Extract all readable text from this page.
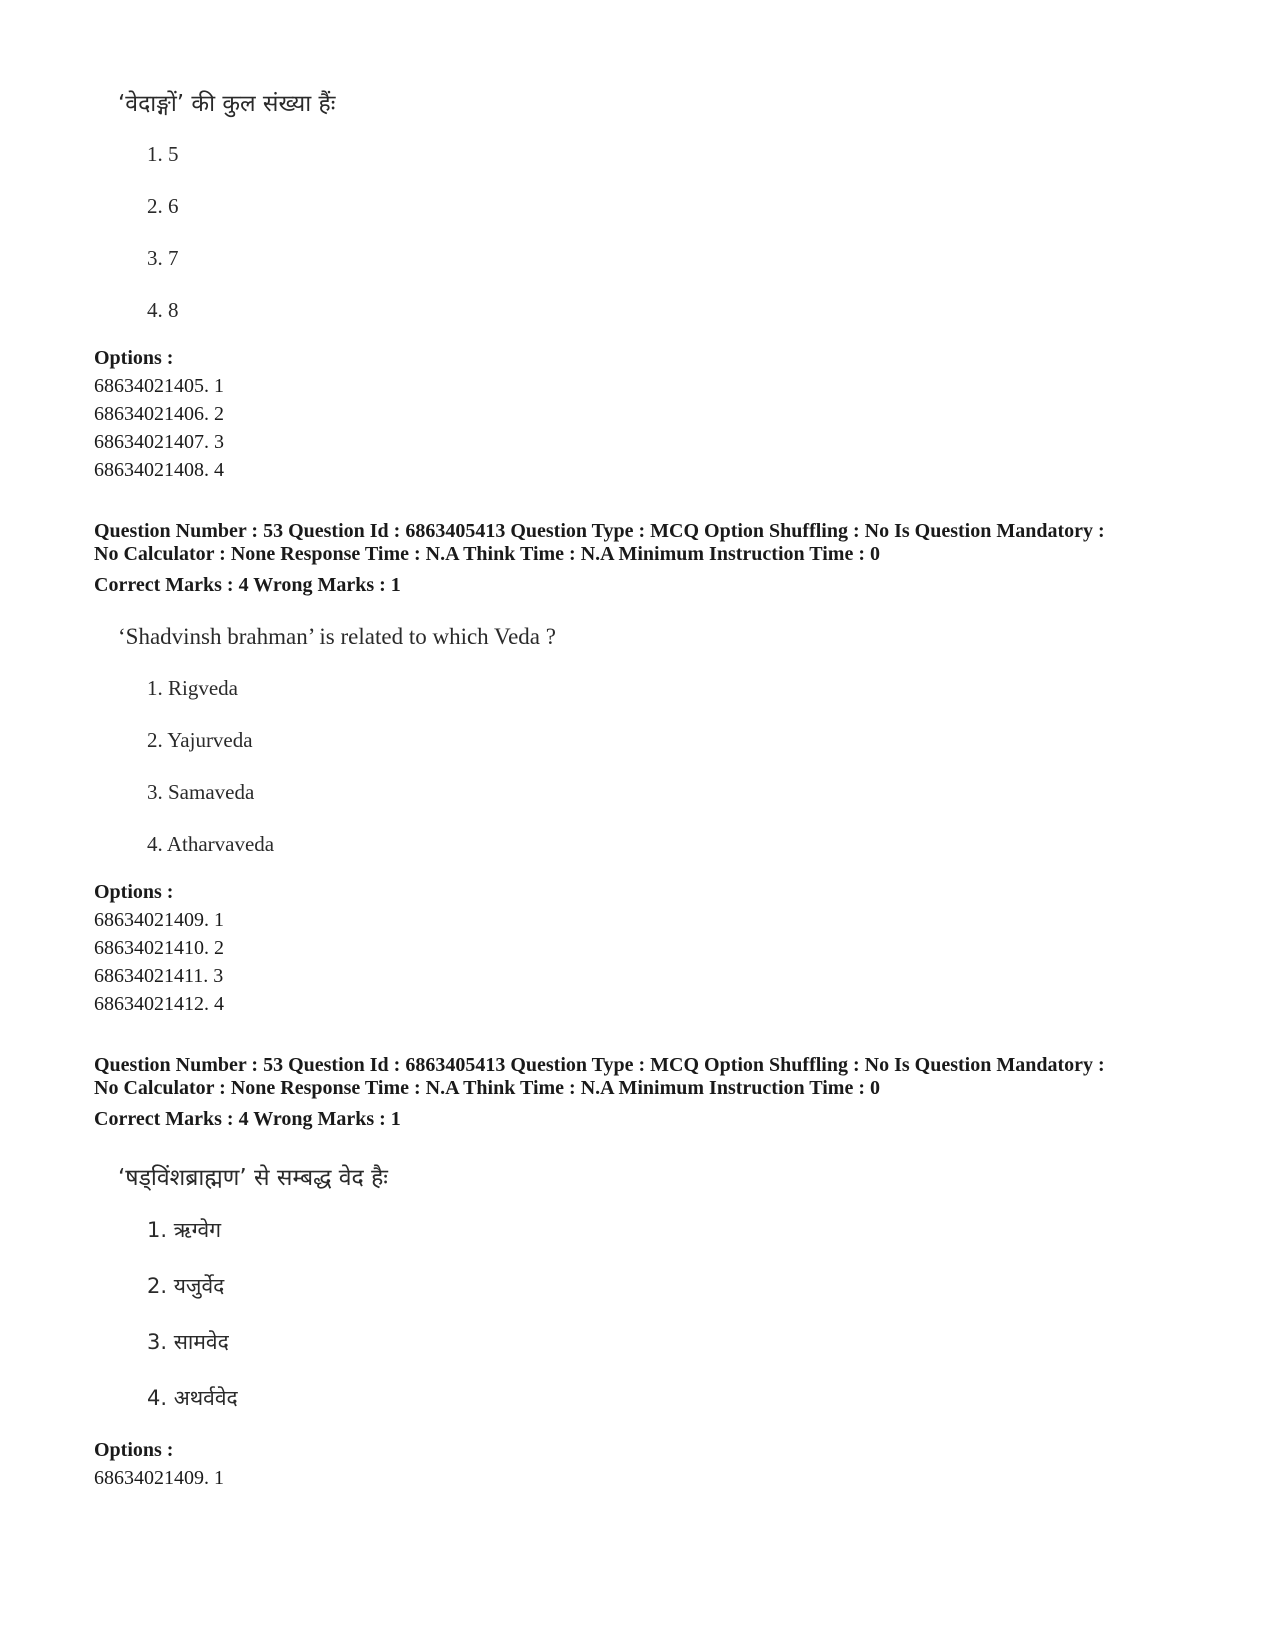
‘वेदाङ्गों’ की कुल संख्या हैंः
1. 5
2. 6
3. 7
4. 8
Options :
68634021405. 1
68634021406. 2
68634021407. 3
68634021408. 4
Question Number : 53 Question Id : 6863405413 Question Type : MCQ Option Shuffling : No Is Question Mandatory :
No Calculator : None Response Time : N.A Think Time : N.A Minimum Instruction Time : 0
Correct Marks : 4 Wrong Marks : 1
‘Shadvinsh brahman’ is related to which Veda ?
1. Rigveda
2. Yajurveda
3. Samaveda
4. Atharvaveda
Options :
68634021409. 1
68634021410. 2
68634021411. 3
68634021412. 4
Question Number : 53 Question Id : 6863405413 Question Type : MCQ Option Shuffling : No Is Question Mandatory :
No Calculator : None Response Time : N.A Think Time : N.A Minimum Instruction Time : 0
Correct Marks : 4 Wrong Marks : 1
‘षड्विंशब्राह्मण’ से सम्बद्ध वेद हैः
1. ऋग्वेग
2. यजुर्वेद
3. सामवेद
4. अथर्ववेद
Options :
68634021409. 1
